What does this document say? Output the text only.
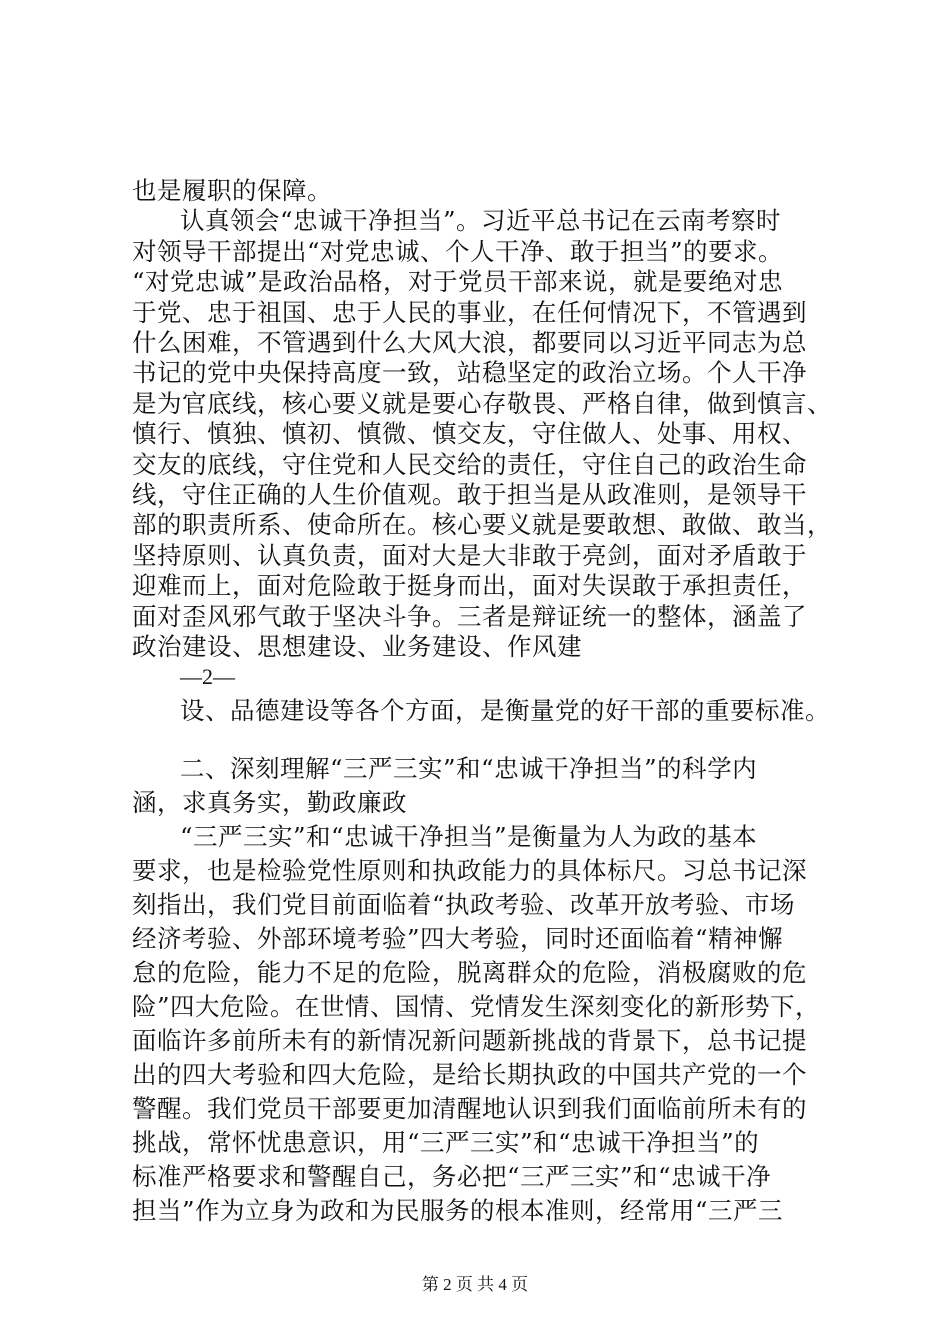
也是履职的保障。
认真领会“忠诚干净担当”。习近平总书记在云南考察时
对领导干部提出“对党忠诚、个人干净、敢于担当”的要求。
“对党忠诚”是政治品格，对于党员干部来说，就是要绝对忠
于党、忠于祖国、忠于人民的事业，在任何情况下，不管遇到
什么困难，不管遇到什么大风大浪，都要同以习近平同志为总
书记的党中央保持高度一致，站稳坚定的政治立场。个人干净
是为官底线，核心要义就是要心存敬畏、严格自律，做到慎言、
慎行、慎独、慎初、慎微、慎交友，守住做人、处事、用权、
交友的底线，守住党和人民交给的责任，守住自己的政治生命
线，守住正确的人生价值观。敢于担当是从政准则，是领导干
部的职责所系、使命所在。核心要义就是要敢想、敢做、敢当，
坚持原则、认真负责，面对大是大非敢于亮剑，面对矛盾敢于
迎难而上，面对危险敢于挺身而出，面对失误敢于承担责任，
—2—
设、品德建设等各个方面，是衡量党的好干部的重要标准。
二、深刻理解“三严三实”和“忠诚干净担当”的科学内
涵，求真务实，勤政廉政
“三严三实”和“忠诚干净担当”是衡量为人为政的基本
要求，也是检验党性原则和执政能力的具体标尺。习总书记深
刻指出，我们党目前面临着“执政考验、改革开放考验、市场
经济考验、外部环境考验”四大考验，同时还面临着“精神懈
怠的危险，能力不足的危险，脱离群众的危险，消极腐败的危
险”四大危险。在世情、国情、党情发生深刻变化的新形势下，
面临许多前所未有的新情况新问题新挑战的背景下，总书记提
出的四大考验和四大危险，是给长期执政的中国共产党的一个
警醒。我们党员干部要更加清醒地认识到我们面临前所未有的
挑战，常怀忧患意识，用“三严三实”和“忠诚干净担当”的
标准严格要求和警醒自己，务必把“三严三实”和“忠诚干净
担当”作为立身为政和为民服务的根本准则，经常用“三严三
第 2 页 共 4 页
面对歪风邪气敢于坚决斗争。三者是辩证统一的整体，涵盖了
政治建设、思想建设、业务建设、作风建
